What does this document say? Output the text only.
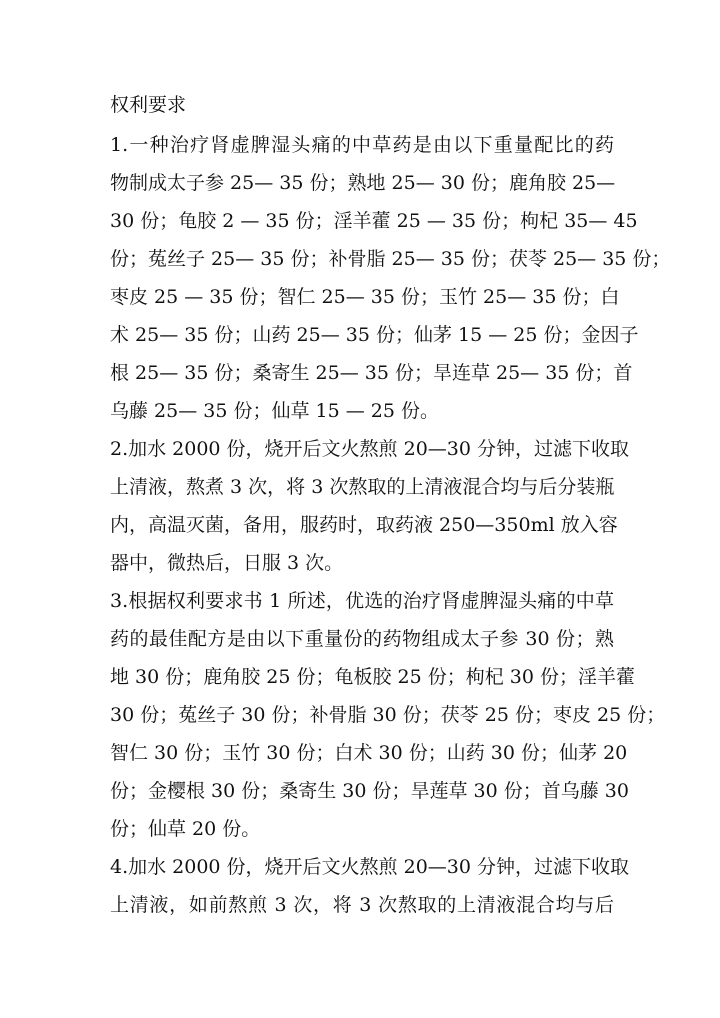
权利要求
1.一种治疗肾虚脾湿头痛的中草药是由以下重量配比的药
物制成太子参 25— 35 份；熟地 25— 30 份；鹿角胶 25—
30 份；龟胶 2 — 35 份；淫羊藿 25 — 35 份；枸杞 35— 45
份；菟丝子 25— 35 份；补骨脂 25— 35 份；茯苓 25— 35 份；
枣皮 25 — 35 份；智仁 25— 35 份；玉竹 25— 35 份；白
术 25— 35 份；山药 25— 35 份；仙茅 15 — 25 份；金因子
根 25— 35 份；桑寄生 25— 35 份；旱连草 25— 35 份；首
乌藤 25— 35 份；仙草 15 — 25 份。
2.加水 2000 份，烧开后文火熬煎 20—30 分钟，过滤下收取
上清液，熬煮 3 次，将 3 次熬取的上清液混合均与后分装瓶
内，高温灭菌，备用，服药时，取药液 250—350ml 放入容
器中，微热后，日服 3 次。
3.根据权利要求书 1 所述，优选的治疗肾虚脾湿头痛的中草
药的最佳配方是由以下重量份的药物组成太子参 30 份；熟
地 30 份；鹿角胶 25 份；龟板胶 25 份；枸杞 30 份；淫羊藿
30 份；菟丝子 30 份；补骨脂 30 份；茯苓 25 份；枣皮 25 份；
智仁 30 份；玉竹 30 份；白术 30 份；山药 30 份；仙茅 20
份；金樱根 30 份；桑寄生 30 份；旱莲草 30 份；首乌藤 30
份；仙草 20 份。
4.加水 2000 份，烧开后文火熬煎 20—30 分钟，过滤下收取
上清液，如前熬煎 3 次，将 3 次熬取的上清液混合均与后
